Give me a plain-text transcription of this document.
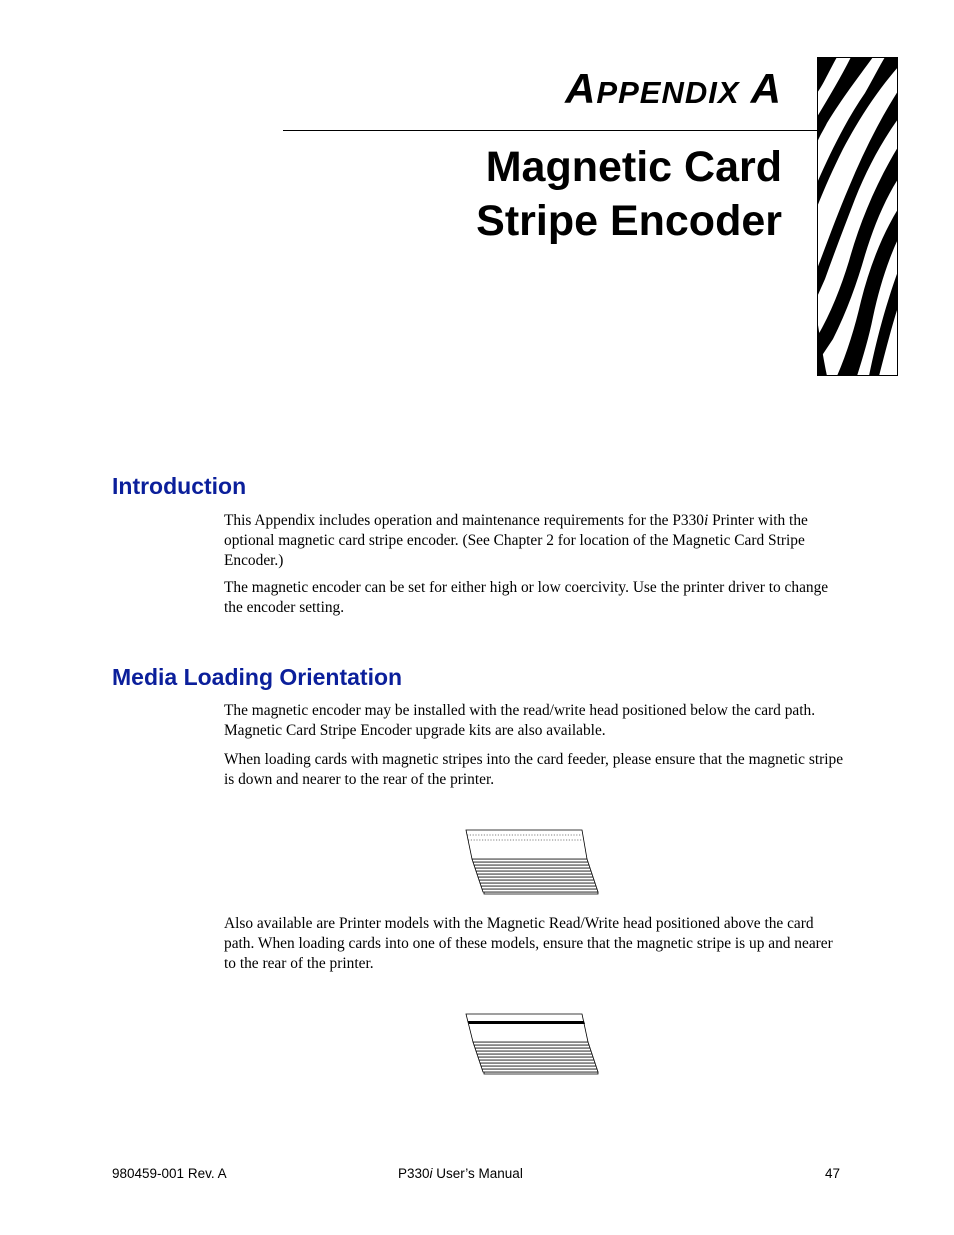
APPENDIX A
Magnetic Card
Stripe Encoder
Introduction

This Appendix includes operation and maintenance requirements for the P330i Printer with the optional magnetic card stripe encoder. (See Chapter 2 for location of the Magnetic Card Stripe Encoder.)

The magnetic encoder can be set for either high or low coercivity. Use the printer driver to change the encoder setting.

Media Loading Orientation

The magnetic encoder may be installed with the read/write head positioned below the card path. Magnetic Card Stripe Encoder upgrade kits are also available.

When loading cards with magnetic stripes into the card feeder, please ensure that the magnetic stripe is down and nearer to the rear of the printer.

Also available are Printer models with the Magnetic Read/Write head positioned above the card path. When loading cards into one of these models, ensure that the magnetic stripe is up and nearer to the rear of the printer.

980459-001 Rev. A	P330i User’s Manual	47
